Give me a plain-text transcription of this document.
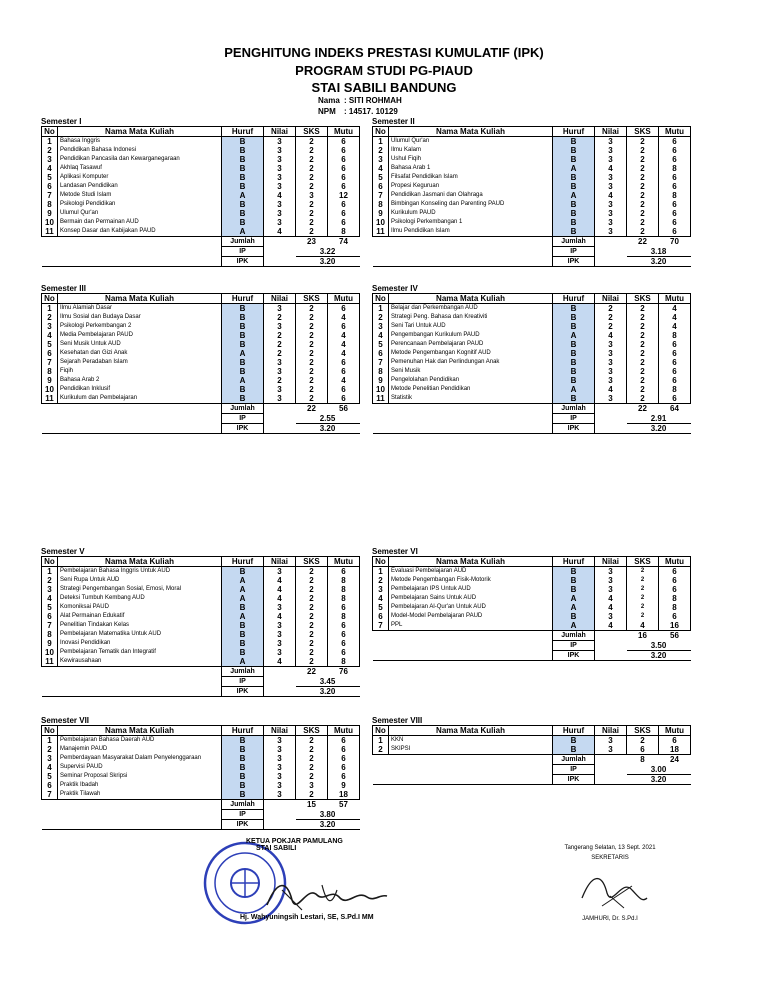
PENGHITUNG INDEKS PRESTASI KUMULATIF (IPK)
PROGRAM STUDI PG-PIAUD
STAI SABILI BANDUNG
Nama : SITI ROHMAH
NPM : 14517. 10129
Semester I
No	Nama Mata Kuliah	Huruf	Nilai	SKS	Mutu
1	Bahasa Inggris	B	3	2	6
2	Pendidikan Bahasa Indonesi	B	3	2	6
3	Pendidikan Pancasila dan Kewarganegaraan	B	3	2	6
4	Akhlaq Tasawuf	B	3	2	6
5	Aplikasi Komputer	B	3	2	6
6	Landasan Pendidikan	B	3	2	6
7	Metode Studi Islam	A	4	3	12
8	Psikologi Pendidikan	B	3	2	6
9	Ulumul Qur'an	B	3	2	6
10	Bermain dan Permainan AUD	B	3	2	6
11	Konsep Dasar dan Kabijakan PAUD	A	4	2	8
		Jumlah		23	74
		IP		3.22	
		IPK		3.20	
Semester II
No	Nama Mata Kuliah	Huruf	Nilai	SKS	Mutu
1	Ulumul Qur'an	B	3	2	6
2	Ilmu Kalam	B	3	2	6
3	Ushul Fiqih	B	3	2	6
4	Bahasa Arab 1	A	4	2	8
5	Filsafat Pendidikan Islam	B	3	2	6
6	Propesi Keguruan	B	3	2	6
7	Pendidikan Jasmani dan Olahraga	A	4	2	8
8	Bimbingan Konseling dan Parenting PAUD	B	3	2	6
9	Kurikulum PAUD	B	3	2	6
10	Psikologi Perkembangan 1	B	3	2	6
11	Ilmu Pendidikan Islam	B	3	2	6
		Jumlah		22	70
		IP		3.18	
		IPK		3.20	
Semester III
No	Nama Mata Kuliah	Huruf	Nilai	SKS	Mutu
1	Ilmu Alamiah Dasar	B	3	2	6
2	Ilmu Sosial dan Budaya Dasar	B	2	2	4
3	Psikologi Perkembangan 2	B	3	2	6
4	Media Pembelajaran PAUD	B	2	2	4
5	Seni Musik Untuk AUD	B	2	2	4
6	Kesehatan dan Gizi Anak	A	2	2	4
7	Sejarah Peradaban Islam	B	3	2	6
8	Fiqih	B	3	2	6
9	Bahasa Arab 2	A	2	2	4
10	Pendidikan Inklusif	B	3	2	6
11	Kurikulum dan Pembelajaran	B	3	2	6
		Jumlah		22	56
		IP		2.55	
		IPK		3.20	
Semester IV
No	Nama Mata Kuliah	Huruf	Nilai	SKS	Mutu
1	Belajar dan Perkembangan AUD	B	2	2	4
2	Strategi Peng. Bahasa dan Kreativiti	B	2	2	4
3	Seni Tari Untuk AUD	B	2	2	4
4	Pengembangan Kurikulum PAUD	A	4	2	8
5	Perencanaan Pembelajaran PAUD	B	3	2	6
6	Metode Pengembangan Kognitif AUD	B	3	2	6
7	Pemenuhan Hak dan Perlindungan Anak	B	3	2	6
8	Seni Musik	B	3	2	6
9	Pengelolahan Pendidikan	B	3	2	6
10	Metode Penelitian Pendidikan	A	4	2	8
11	Statistik	B	3	2	6
		Jumlah		22	64
		IP		2.91	
		IPK		3.20	
Semester V
No	Nama Mata Kuliah	Huruf	Nilai	SKS	Mutu
1	Pembelajaran Bahasa Inggris Untuk AUD	B	3	2	6
2	Seni Rupa Untuk AUD	A	4	2	8
3	Strategi Pengembangan Sosial, Emosi, Moral	A	4	2	8
4	Deteksi Tumbuh Kembang AUD	A	4	2	8
5	Komoniksai PAUD	B	3	2	6
6	Alat Permainan Edukatif	A	4	2	8
7	Penelitian Tindakan Kelas	B	3	2	6
8	Pembelajaran Matematika Untuk AUD	B	3	2	6
9	Inovasi Pendidikan	B	3	2	6
10	Pembelajaran Tematik dan Integratif	B	3	2	6
11	Kewirausahaan	A	4	2	8
		Jumlah		22	76
		IP		3.45	
		IPK		3.20	
Semester VI
No	Nama Mata Kuliah	Huruf	Nilai	SKS	Mutu
1	Evaluasi Pembelajaran AUD	B	3	2	6
2	Metode Pengembangan Fisik-Motorik	B	3	2	6
3	Pembelajaran IPS Untuk AUD	B	3	2	6
4	Pembelajaran Sains Untuk AUD	A	4	2	8
5	Pembelajaran Al-Qur'an Untuk AUD	A	4	2	8
6	Model-Model Pembelajaran PAUD	B	3	2	6
7	PPL	A	4	4	16
		Jumlah		16	56
		IP		3.50	
		IPK		3.20	
Semester VII
No	Nama Mata Kuliah	Huruf	Nilai	SKS	Mutu
1	Pembelajaran Bahasa Daerah AUD	B	3	2	6
2	Manajemin PAUD	B	3	2	6
3	Pemberdayaan Masyarakat Dalam Penyelenggaraan	B	3	2	6
4	Supervisi PAUD	B	3	2	6
5	Seminar Proposal Skripsi	B	3	2	6
6	Praktik Ibadah	B	3	3	9
7	Praktik Tilawah	B	3	2	18
		Jumlah		15	57
		IP		3.80	
		IPK		3.20	
Semester VIII
No	Nama Mata Kuliah	Huruf	Nilai	SKS	Mutu
1	KKN	B	3	2	6
2	SKIPSI	B	3	6	18
		Jumlah		8	24
		IP		3.00	
		IPK		3.20	
KETUA POKJAR PAMULANG
STAI SABILI
Hj. Wahyuningsih Lestari, SE, S.Pd.I MM
Tangerang Selatan, 13 Sept. 2021
SEKRETARIS
JAMHURI, Dr. S.Pd.I
